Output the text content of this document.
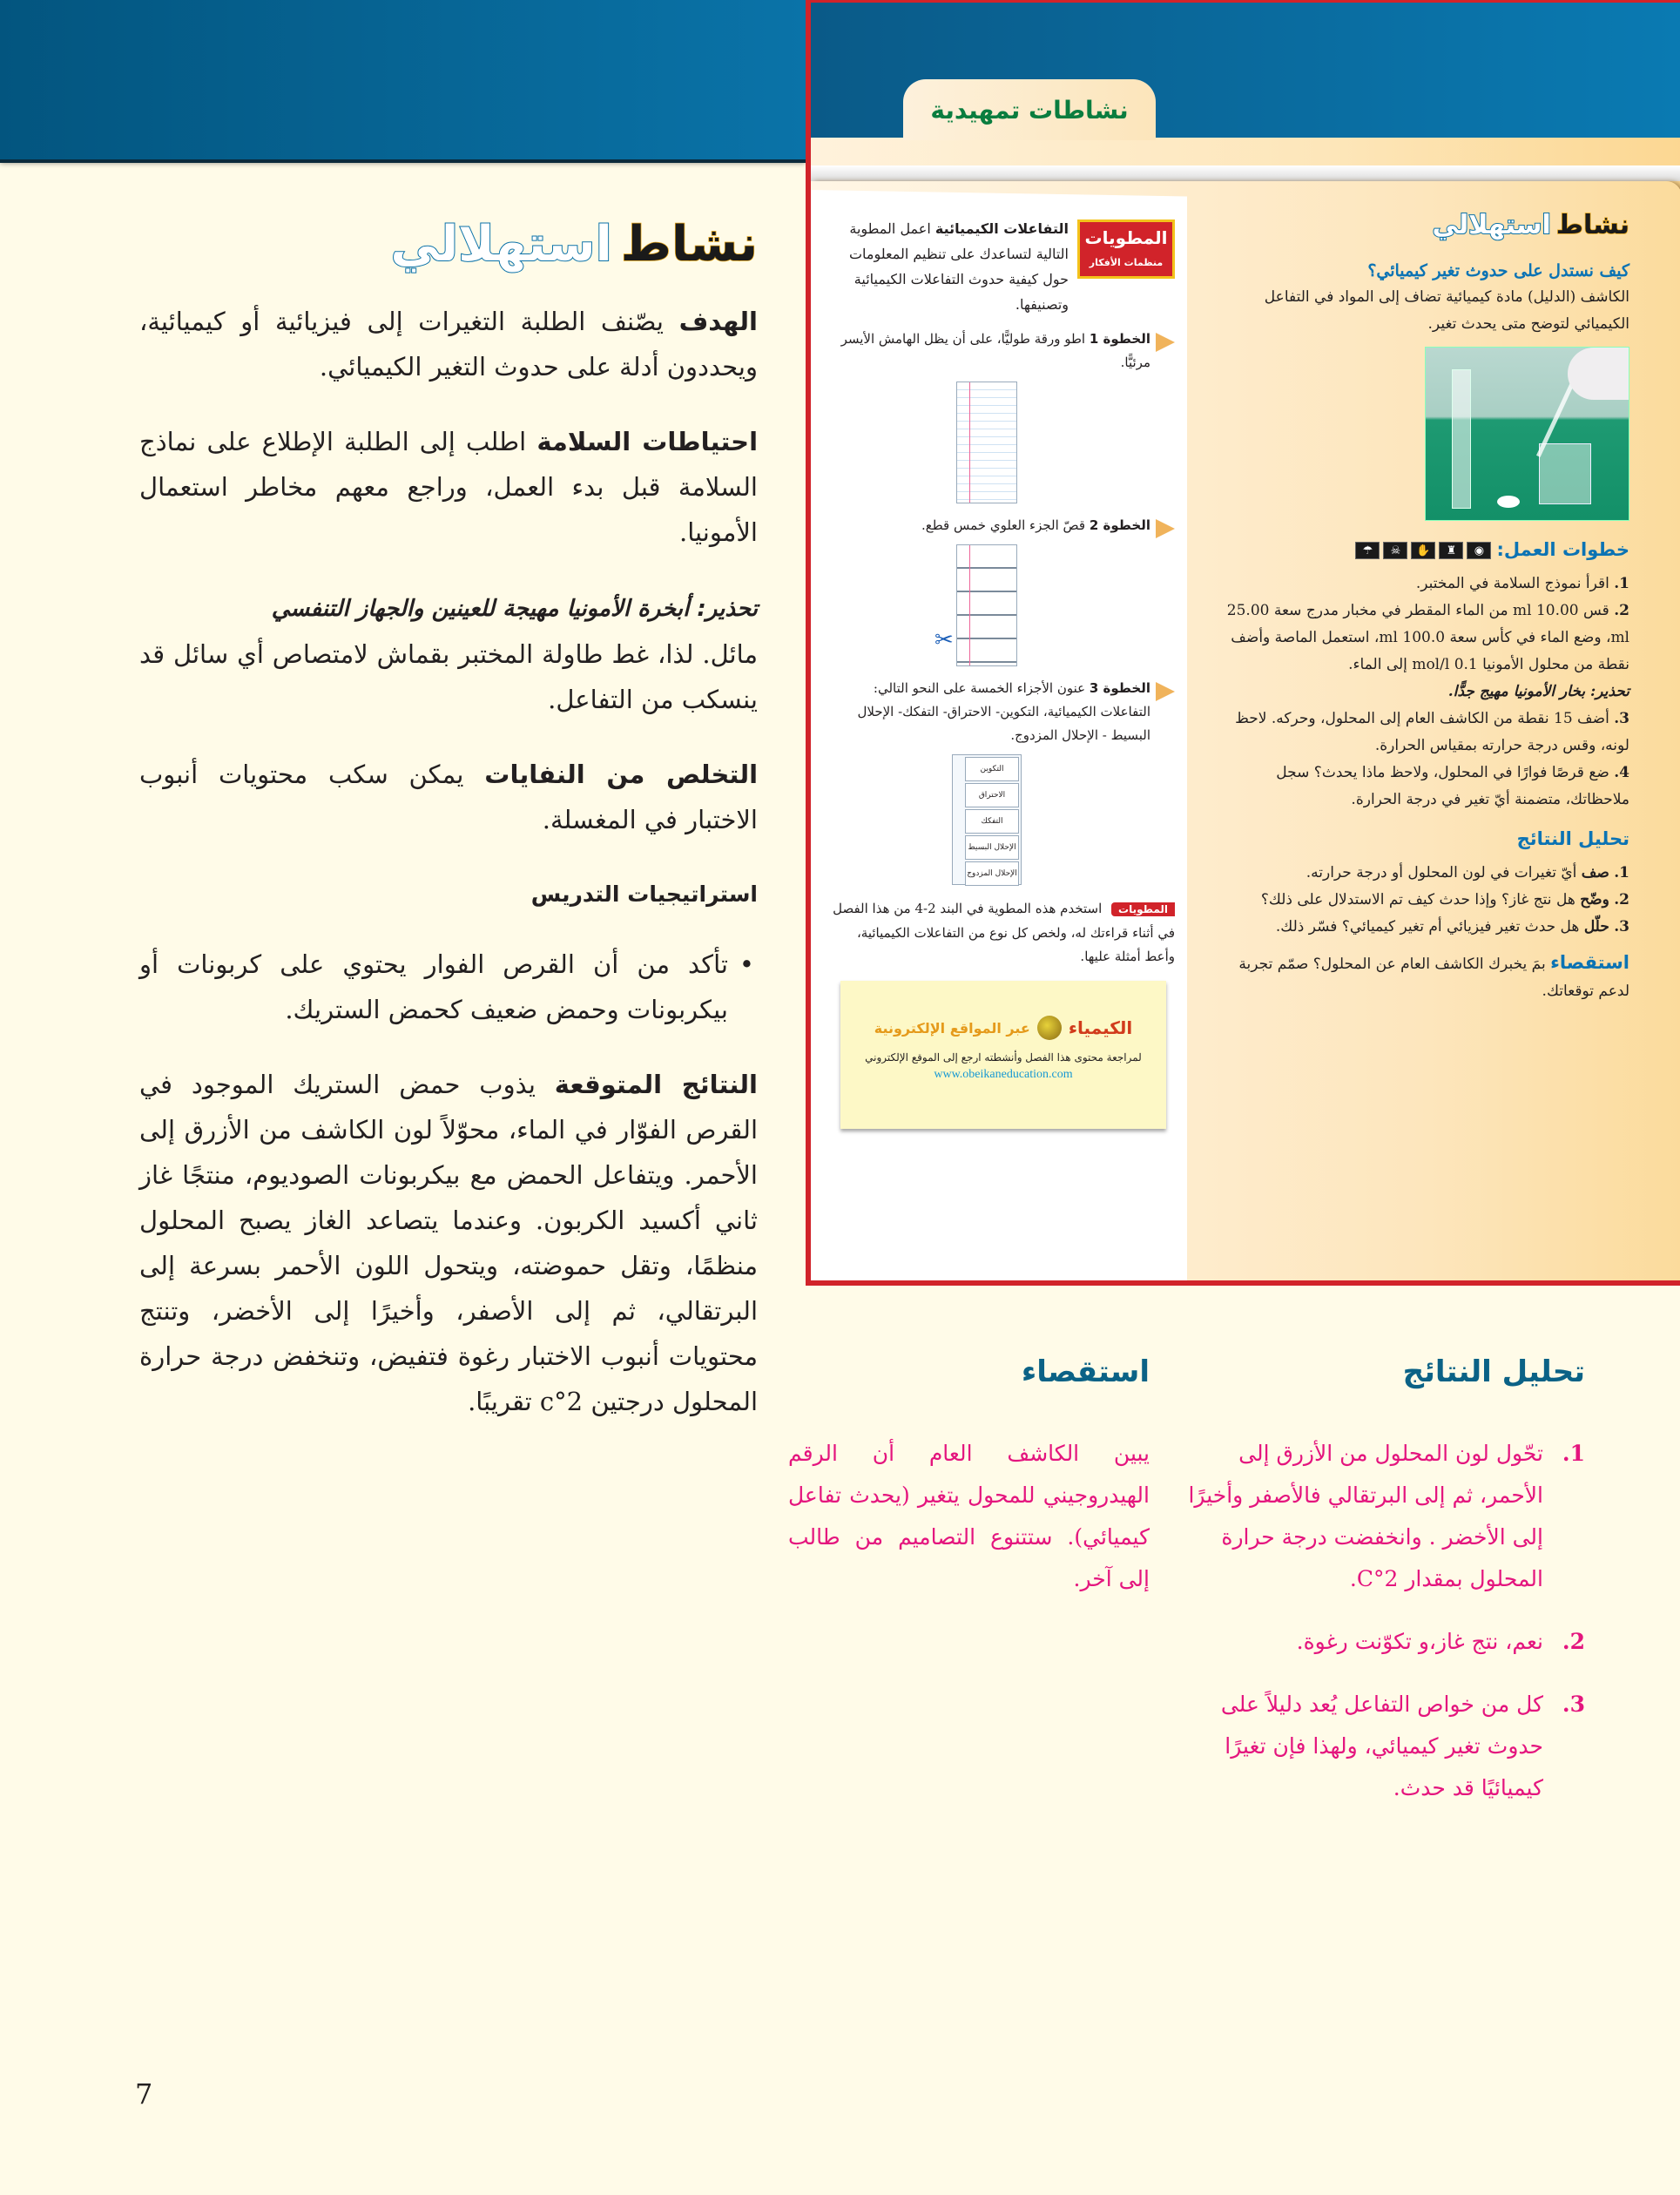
نشاطات تمهيدية
المطويات
منظمات الأفكار
التفاعلات الكيميائية اعمل المطوية التالية لتساعدك على تنظيم المعلومات حول كيفية حدوث التفاعلات الكيميائية وتصنيفها.
الخطوة 1 اطو ورقة طوليًّا، على أن يظل الهامش الأيسر مرئيًّا.
الخطوة 2 قصّ الجزء العلوي خمس قطع.
✂
الخطوة 3 عنون الأجزاء الخمسة على النحو التالي: التفاعلات الكيميائية، التكوين- الاحتراق- التفكك- الإحلال البسيط - الإحلال المزدوج.
التكوين
الاحتراق
التفكك
الإحلال البسيط
الإحلال المزدوج
المطويات استخدم هذه المطوية في البند 2-4 من هذا الفصل في أثناء قراءتك له، ولخص كل نوع من التفاعلات الكيميائية، وأعط أمثلة عليها.
الكيمياء
عبر المواقع الإلكترونية
لمراجعة محتوى هذا الفصل وأنشطته ارجع إلى الموقع الإلكتروني
www.obeikaneducation.com
نشاط
استهلالي
كيف نستدل على حدوث تغير كيميائي؟
الكاشف (الدليل) مادة كيميائية تضاف إلى المواد في التفاعل الكيميائي لتوضح متى يحدث تغير.
خطوات العمل:
◉
♜
✋
☠
☂
1. اقرأ نموذج السلامة في المختبر.
2. قس 10.00 ml من الماء المقطر في مخبار مدرج سعة 25.00 ml، وضع الماء في كأس سعة 100.0 ml، استعمل الماصة وأضف نقطة من محلول الأمونيا 0.1 mol/l إلى الماء.
تحذير: بخار الأمونيا مهيج جدًّا.
3. أضف 15 نقطة من الكاشف العام إلى المحلول، وحركه. لاحظ لونه، وقس درجة حرارته بمقياس الحرارة.
4. ضع قرصًا فوارًا في المحلول، ولاحظ ماذا يحدث؟ سجل ملاحظاتك، متضمنة أيّ تغير في درجة الحرارة.
تحليل النتائج
1. صف أيّ تغيرات في لون المحلول أو درجة حرارته.
2. وضّح هل نتج غاز؟ وإذا حدث كيف تم الاستدلال على ذلك؟
3. حلّل هل حدث تغير فيزيائي أم تغير كيميائي؟ فسّر ذلك.
استقصاء بمَ يخبرك الكاشف العام عن المحلول؟ صمّم تجربة لدعم توقعاتك.
نشاط
استهلالي

الهدف يصّنف الطلبة التغيرات إلى فيزيائية أو كيميائية، ويحددون أدلة على حدوث التغير الكيميائي.

احتياطات السلامة اطلب إلى الطلبة الإطلاع على نماذج السلامة قبل بدء العمل، وراجع معهم مخاطر استعمال الأمونيا.

تحذير: أبخرة الأمونيا مهيجة للعينين والجهاز التنفسي
مائل. لذا، غط طاولة المختبر بقماش لامتصاص أي سائل قد ينسكب من التفاعل.

التخلص من النفايات يمكن سكب محتويات أنبوب الاختبار في المغسلة.

استراتيجيات التدريس
• تأكد من أن القرص الفوار يحتوي على كربونات أو بيكربونات وحمض ضعيف كحمض الستريك.

النتائج المتوقعة يذوب حمض الستريك الموجود في القرص الفوّار في الماء، محوّلاً لون الكاشف من الأزرق إلى الأحمر. ويتفاعل الحمض مع بيكربونات الصوديوم، منتجًا غاز ثاني أكسيد الكربون. وعندما يتصاعد الغاز يصبح المحلول منظمًا، وتقل حموضته، ويتحول اللون الأحمر بسرعة إلى البرتقالي، ثم إلى الأصفر، وأخيرًا إلى الأخضر، وتنتج محتويات أنبوب الاختبار رغوة فتفيض، وتنخفض درجة حرارة المحلول درجتين 2°c تقريبًا.

تحليل النتائج
استقصاء
1.
تحّول لون المحلول من الأزرق إلى الأحمر، ثم إلى البرتقالي فالأصفر وأخيرًا إلى الأخضر . وانخفضت درجة حرارة المحلول بمقدار 2°C.
2.
نعم، نتج غاز،و تكوّنت رغوة.
3.
كل من خواص التفاعل يُعد دليلاً على حدوث تغير كيميائي، ولهذا فإن تغيرًا كيميائيًا قد حدث.
يبين الكاشف العام أن الرقم الهيدروجيني للمحول يتغير (يحدث تفاعل كيميائي). ستتنوع التصاميم من طالب إلى آخر.
7
